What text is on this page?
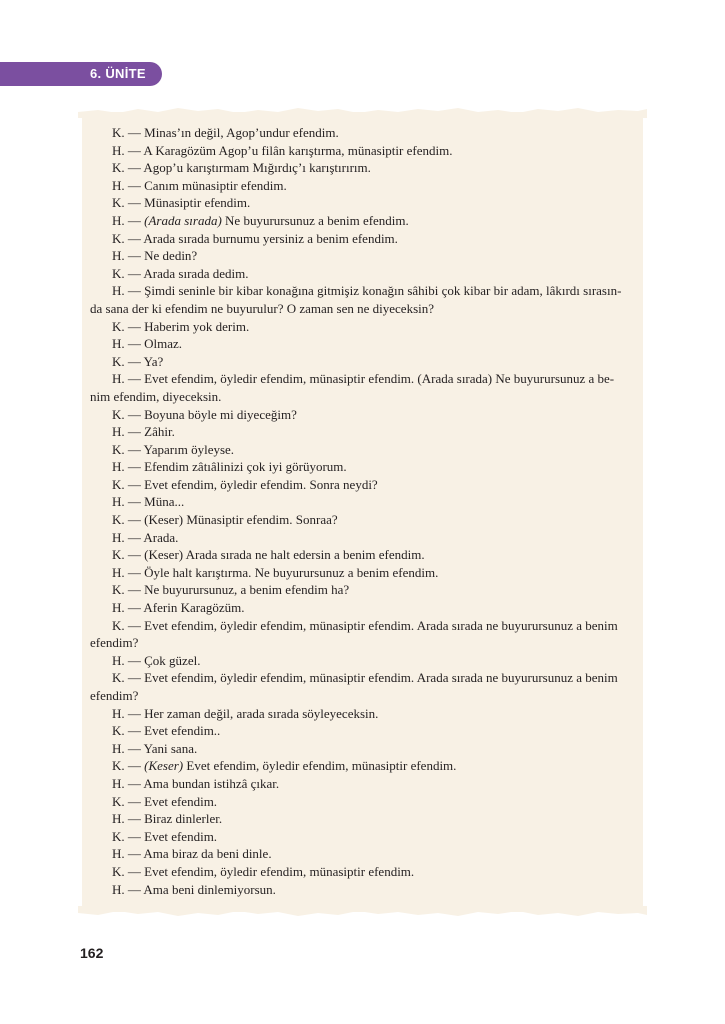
6. ÜNİTE
K. — Minas’ın değil, Agop’undur efendim.
H. — A Karagözüm Agop’u filân karıştırma, münasiptir efendim.
K. — Agop’u karıştırmam Mığırdıç’ı karıştırırım.
H. — Canım münasiptir efendim.
K. — Münasiptir efendim.
H. — (Arada sırada) Ne buyurursunuz a benim efendim.
K. — Arada sırada burnumu yersiniz a benim efendim.
H. — Ne dedin?
K. — Arada sırada dedim.
H. — Şimdi seninle bir kibar konağına gitmişiz konağın sâhibi çok kibar bir adam, lâkırdı sırasın-
da sana der ki efendim ne buyurulur? O zaman sen ne diyeceksin?
K. — Haberim yok derim.
H. — Olmaz.
K. — Ya?
H. — Evet efendim, öyledir efendim, münasiptir efendim. (Arada sırada) Ne buyurursunuz a be-
nim efendim, diyeceksin.
K. — Boyuna böyle mi diyeceğim?
H. — Zâhir.
K. — Yaparım öyleyse.
H. — Efendim zâtıâlinizi çok iyi görüyorum.
K. — Evet efendim, öyledir efendim. Sonra neydi?
H. — Müna...
K. — (Keser) Münasiptir efendim. Sonraa?
H. — Arada.
K. — (Keser) Arada sırada ne halt edersin a benim efendim.
H. — Öyle halt karıştırma. Ne buyurursunuz a benim efendim.
K. — Ne buyurursunuz, a benim efendim ha?
H. — Aferin Karagözüm.
K. — Evet efendim, öyledir efendim, münasiptir efendim. Arada sırada ne buyurursunuz a benim
efendim?
H. — Çok güzel.
K. — Evet efendim, öyledir efendim, münasiptir efendim. Arada sırada ne buyurursunuz a benim
efendim?
H. — Her zaman değil, arada sırada söyleyeceksin.
K. — Evet efendim..
H. — Yani sana.
K. — (Keser) Evet efendim, öyledir efendim, münasiptir efendim.
H. — Ama bundan istihzâ çıkar.
K. — Evet efendim.
H. — Biraz dinlerler.
K. — Evet efendim.
H. — Ama biraz da beni dinle.
K. — Evet efendim, öyledir efendim, münasiptir efendim.
H. — Ama beni dinlemiyorsun.
162
